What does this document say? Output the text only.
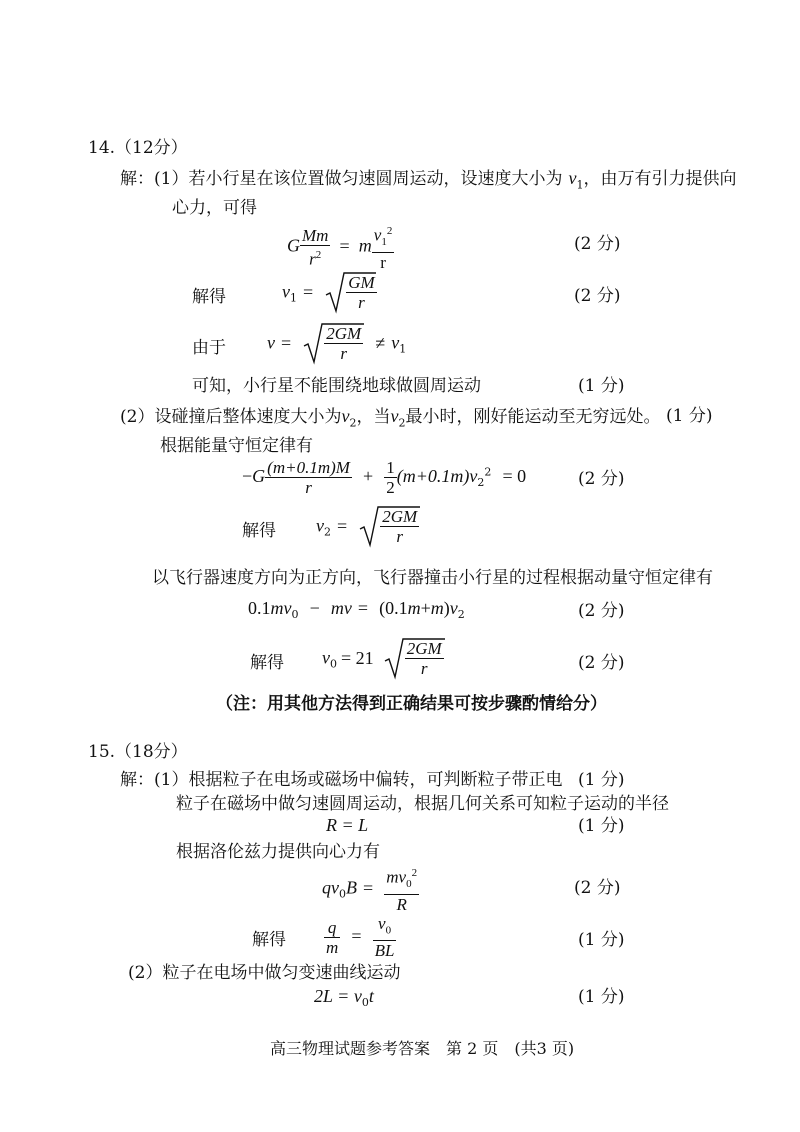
14.（12分）
解：(1）若小行星在该位置做匀速圆周运动，设速度大小为 $v_1$，由万有引力提供向
心力，可得
G $\frac{Mm}{r^2} = m \frac{v_1^2}{r}$	(2 分)
解得	$v_1 = \frac{GM}{r}$	(2 分)
由于 $v = \frac{2GM}{r} \ne v_1$
可知，小行星不能围绕地球做圆周运动	(1 分)
(2）设碰撞后整体速度大小为$v_2$，当$v_2$最小时，刚好能运动至无穷远处。 (1 分)
根据能量守恒定律有
$-G \frac{(m+0.1m)M}{r} + \frac{1}{2} (m+0.1m)v_2^2 = 0$	(2 分)
解得 $v_2 = \frac{2GM}{r}$
以飞行器速度方向为正方向，飞行器撞击小行星的过程根据动量守恒定律有
$0.1mv_0$ − mv = $(0.1m+m)v_2$	(2 分)
解得 $v_0 = 21 \frac{2GM}{r}$	(2 分)
（注：用其他方法得到正确结果可按步骤酌情给分）
15.（18分）
解：(1）根据粒子在电场或磁场中偏转，可判断粒子带正电 (1 分)
粒子在磁场中做匀速圆周运动，根据几何关系可知粒子运动的半径
R = L	(1 分)
根据洛伦兹力提供向心力有
$qv_0B = \frac{mv_0^2}{R}$	(2 分)
解得 $\frac{q}{m} = \frac{v_0}{BL}$	(1 分)
(2）粒子在电场中做匀变速曲线运动
$2L = v_0t$	(1 分)
高三物理试题参考答案　第 2 页　(共3 页)
